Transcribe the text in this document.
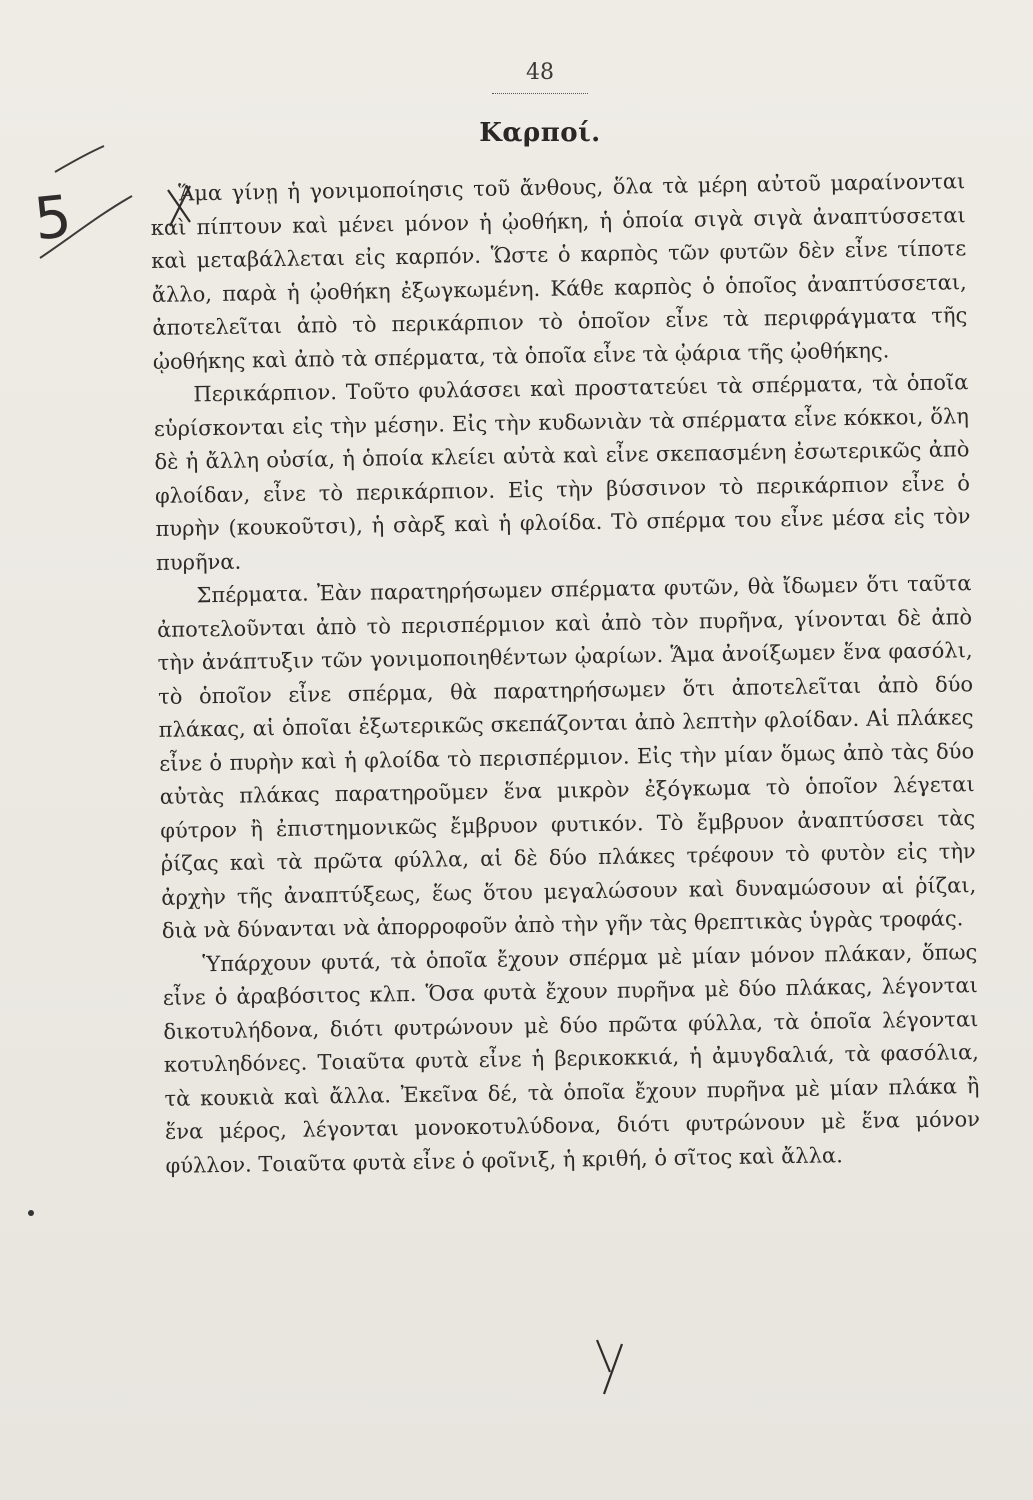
48
Καρποί.

Ἅμα γίνῃ ἡ γονιμοποίησις τοῦ ἄνθους, ὅλα τὰ μέρη αὐτοῦ μαραίνονται καὶ πίπτουν καὶ μένει μόνον ἡ ᾠοθήκη, ἡ ὁποία σιγὰ σιγὰ ἀναπτύσσεται καὶ μεταβάλλεται εἰς καρπόν. Ὥστε ὁ καρπὸς τῶν φυτῶν δὲν εἶνε τίποτε ἄλλο, παρὰ ἡ ᾠοθήκη ἐξωγκωμένη. Κάθε καρπὸς ὁ ὁποῖος ἀναπτύσσεται, ἀποτελεῖται ἀπὸ τὸ περικάρπιον τὸ ὁποῖον εἶνε τὰ περιφράγματα τῆς ᾠοθήκης καὶ ἀπὸ τὰ σπέρματα, τὰ ὁποῖα εἶνε τὰ ᾠάρια τῆς ᾠοθήκης.

Περικάρπιον. Τοῦτο φυλάσσει καὶ προστατεύει τὰ σπέρματα, τὰ ὁποῖα εὑρίσκονται εἰς τὴν μέσην. Εἰς τὴν κυδωνιὰν τὰ σπέρματα εἶνε κόκκοι, ὅλη δὲ ἡ ἄλλη οὐσία, ἡ ὁποία κλείει αὐτὰ καὶ εἶνε σκεπασμένη ἐσωτερικῶς ἀπὸ φλοίδαν, εἶνε τὸ περικάρπιον. Εἰς τὴν βύσσινον τὸ περικάρπιον εἶνε ὁ πυρὴν (κουκοῦτσι), ἡ σὰρξ καὶ ἡ φλοίδα. Τὸ σπέρμα του εἶνε μέσα εἰς τὸν πυρῆνα.

Σπέρματα. Ἐὰν παρατηρήσωμεν σπέρματα φυτῶν, θὰ ἴδωμεν ὅτι ταῦτα ἀποτελοῦνται ἀπὸ τὸ περισπέρμιον καὶ ἀπὸ τὸν πυρῆνα, γίνονται δὲ ἀπὸ τὴν ἀνάπτυξιν τῶν γονιμοποιηθέντων ᾠαρίων. Ἅμα ἀνοίξωμεν ἕνα φασόλι, τὸ ὁποῖον εἶνε σπέρμα, θὰ παρατηρήσωμεν ὅτι ἀποτελεῖται ἀπὸ δύο πλάκας, αἱ ὁποῖαι ἐξωτερικῶς σκεπάζονται ἀπὸ λεπτὴν φλοίδαν. Αἱ πλάκες εἶνε ὁ πυρὴν καὶ ἡ φλοίδα τὸ περισπέρμιον. Εἰς τὴν μίαν ὅμως ἀπὸ τὰς δύο αὐτὰς πλάκας παρατηροῦμεν ἕνα μικρὸν ἐξόγκωμα τὸ ὁποῖον λέγεται φύτρον ἢ ἐπιστημονικῶς ἔμβρυον φυτικόν. Τὸ ἔμβρυον ἀναπτύσσει τὰς ῥίζας καὶ τὰ πρῶτα φύλλα, αἱ δὲ δύο πλάκες τρέφουν τὸ φυτὸν εἰς τὴν ἀρχὴν τῆς ἀναπτύξεως, ἕως ὅτου μεγαλώσουν καὶ δυναμώσουν αἱ ῥίζαι, διὰ νὰ δύνανται νὰ ἀπορροφοῦν ἀπὸ τὴν γῆν τὰς θρεπτικὰς ὑγρὰς τροφάς.

Ὑπάρχουν φυτά, τὰ ὁποῖα ἔχουν σπέρμα μὲ μίαν μόνον πλάκαν, ὅπως εἶνε ὁ ἀραβόσιτος κλπ. Ὅσα φυτὰ ἔχουν πυρῆνα μὲ δύο πλάκας, λέγονται δικοτυλήδονα, διότι φυτρώνουν μὲ δύο πρῶτα φύλλα, τὰ ὁποῖα λέγονται κοτυληδόνες. Τοιαῦτα φυτὰ εἶνε ἡ βερικοκκιά, ἡ ἀμυγδαλιά, τὰ φασόλια, τὰ κουκιὰ καὶ ἄλλα. Ἐκεῖνα δέ, τὰ ὁποῖα ἔχουν πυρῆνα μὲ μίαν πλάκα ἢ ἕνα μέρος, λέγονται μονοκοτυλύδονα, διότι φυτρώνουν μὲ ἕνα μόνον φύλλον. Τοιαῦτα φυτὰ εἶνε ὁ φοῖνιξ, ἡ κριθή, ὁ σῖτος καὶ ἄλλα.

5
